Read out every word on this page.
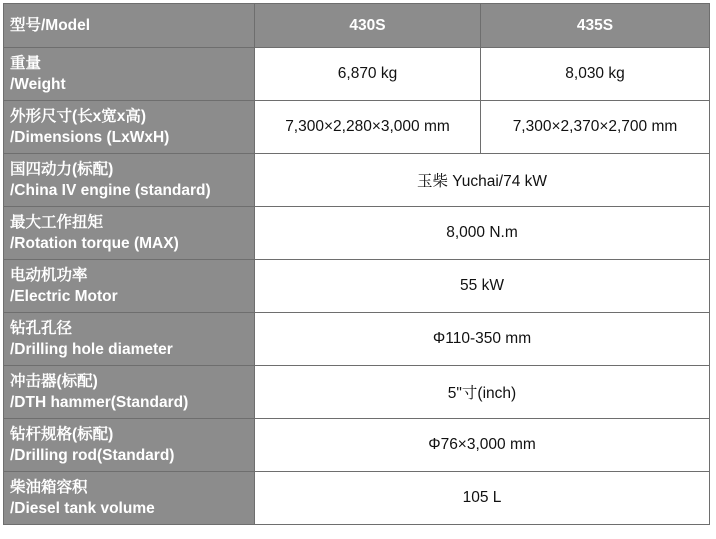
型号/Model	430S	435S

重量
/Weight	6,870 kg	8,030 kg

外形尺寸(长x宽x高)
/Dimensions (LxWxH)	7,300×2,280×3,000 mm	7,300×2,370×2,700 mm

国四动力(标配)
/China IV engine (standard)	玉柴 Yuchai/74 kW	

最大工作扭矩
/Rotation torque (MAX)	8,000 N.m	

电动机功率
/Electric Motor	55 kW	

钻孔孔径
/Drilling hole diameter	Φ110-350 mm	

冲击器(标配)
/DTH hammer(Standard)	5"寸(inch)	

钻杆规格(标配)
/Drilling rod(Standard)	Φ76×3,000 mm	

柴油箱容积
/Diesel tank volume	105 L	
